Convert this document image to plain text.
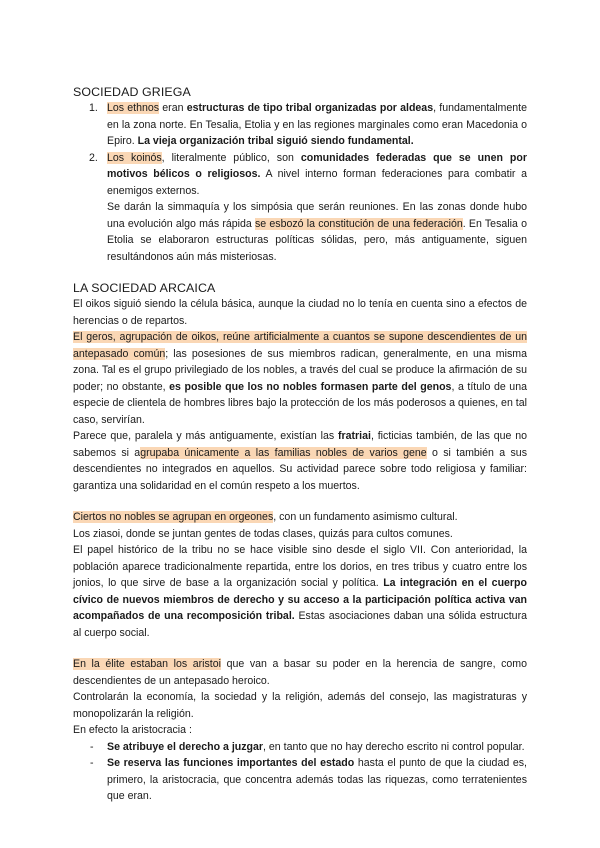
SOCIEDAD GRIEGA
1. Los ethnos eran estructuras de tipo tribal organizadas por aldeas, fundamentalmente en la zona norte. En Tesalia, Etolia y en las regiones marginales como eran Macedonia o Epiro. La vieja organización tribal siguió siendo fundamental.
2. Los koinós, literalmente público, son comunidades federadas que se unen por motivos bélicos o religiosos. A nivel interno forman federaciones para combatir a enemigos externos.

Se darán la simmaquía y los simpósia que serán reuniones. En las zonas donde hubo una evolución algo más rápida se esbozó la constitución de una federación. En Tesalia o Etolia se elaboraron estructuras políticas sólidas, pero, más antiguamente, siguen resultándonos aún más misteriosas.

LA SOCIEDAD ARCAICA

El oikos siguió siendo la célula básica, aunque la ciudad no lo tenía en cuenta sino a efectos de herencias o de repartos.

El geros, agrupación de oikos, reúne artificialmente a cuantos se supone descendientes de un antepasado común; las posesiones de sus miembros radican, generalmente, en una misma zona. Tal es el grupo privilegiado de los nobles, a través del cual se produce la afirmación de su poder; no obstante, es posible que los no nobles formasen parte del genos, a título de una especie de clientela de hombres libres bajo la protección de los más poderosos a quienes, en tal caso, servirían.

Parece que, paralela y más antiguamente, existían las fratriai, ficticias también, de las que no sabemos si agrupaba únicamente a las familias nobles de varios gene o si también a sus descendientes no integrados en aquellos. Su actividad parece sobre todo religiosa y familiar: garantiza una solidaridad en el común respeto a los muertos.

Ciertos no nobles se agrupan en orgeones, con un fundamento asimismo cultural.

Los ziasoi, donde se juntan gentes de todas clases, quizás para cultos comunes.

El papel histórico de la tribu no se hace visible sino desde el siglo VII. Con anterioridad, la población aparece tradicionalmente repartida, entre los dorios, en tres tribus y cuatro entre los jonios, lo que sirve de base a la organización social y política. La integración en el cuerpo cívico de nuevos miembros de derecho y su acceso a la participación política activa van acompañados de una recomposición tribal. Estas asociaciones daban una sólida estructura al cuerpo social.

En la élite estaban los aristoi que van a basar su poder en la herencia de sangre, como descendientes de un antepasado heroico.

Controlarán la economía, la sociedad y la religión, además del consejo, las magistraturas y monopolizarán la religión.

En efecto la aristocracia :

- Se atribuye el derecho a juzgar, en tanto que no hay derecho escrito ni control popular.
- Se reserva las funciones importantes del estado hasta el punto de que la ciudad es, primero, la aristocracia, que concentra además todas las riquezas, como terratenientes que eran.
